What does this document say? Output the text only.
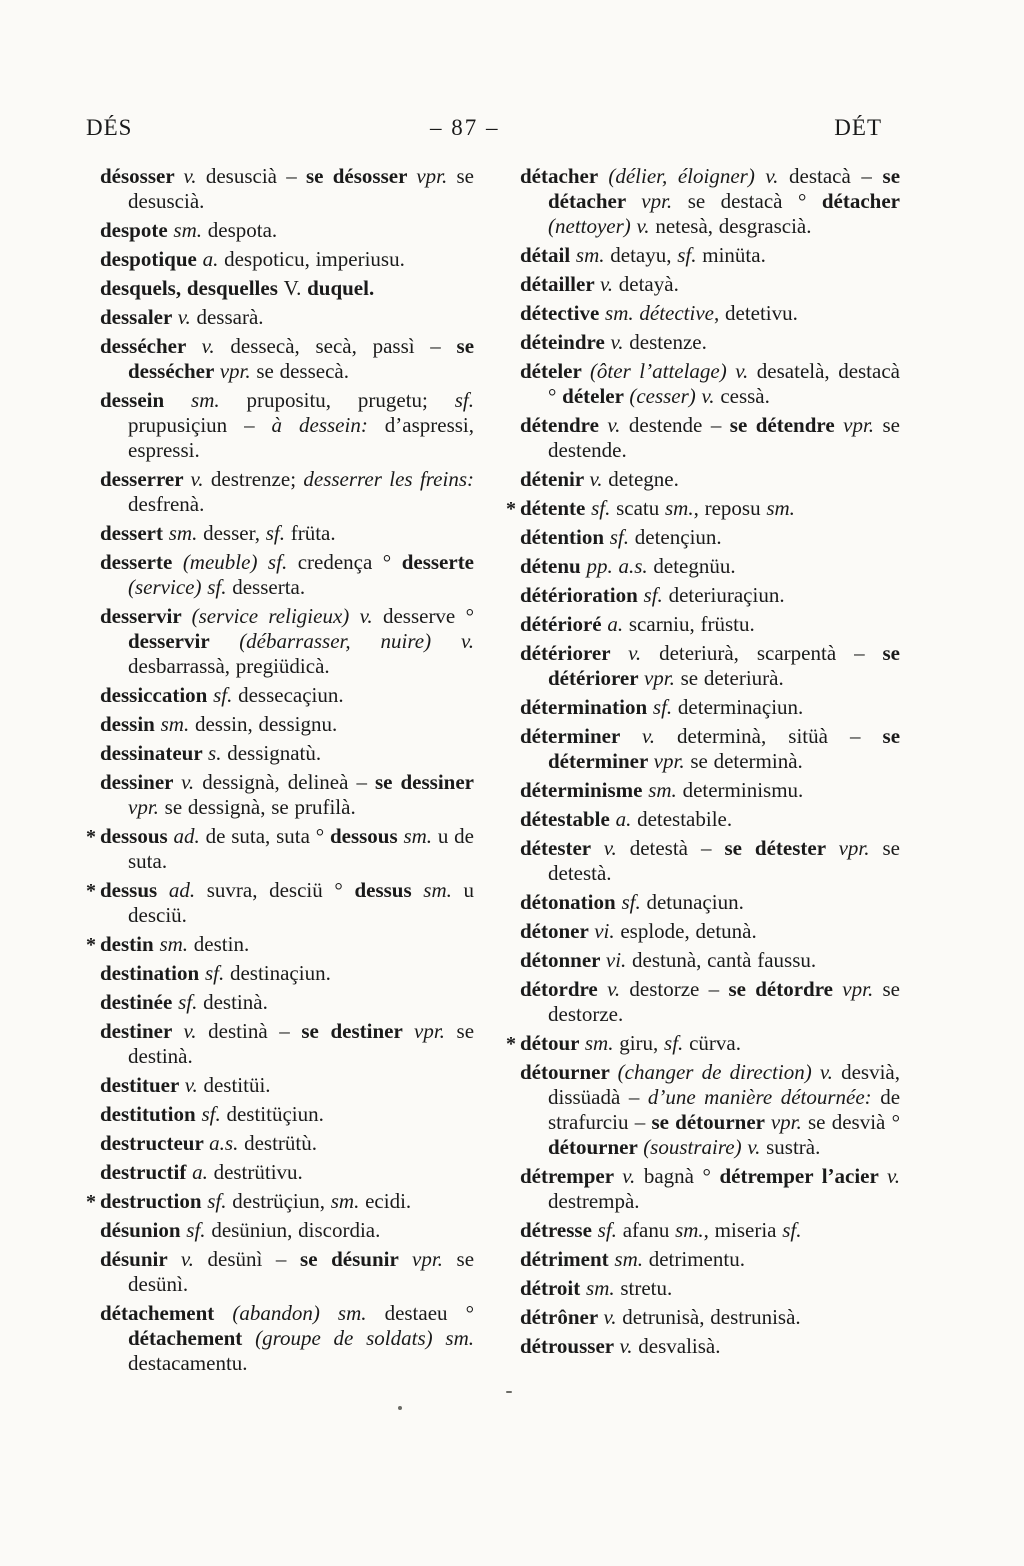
DÉS	– 87 –	DÉT

désosser v. desuscià – se désosser vpr. se desuscià.

despote sm. despota.

despotique a. despoticu, imperiusu.

desquels, desquelles V. duquel.

dessaler v. dessarà.

dessécher v. dessecà, secà, passì – se dessécher vpr. se dessecà.

dessein sm. prupositu, prugetu; sf. prupusiçiun – à dessein: d’aspressi, espressi.

desserrer v. destrenze; desserrer les freins: desfrenà.

dessert sm. desser, sf. früta.

desserte (meuble) sf. credença ° desserte (service) sf. desserta.

desservir (service religieux) v. desserve ° desservir (débarrasser, nuire) v. desbarrassà, pregiüdicà.

dessiccation sf. dessecaçiun.

dessin sm. dessin, dessignu.

dessinateur s. dessignatù.

dessiner v. dessignà, delineà – se dessiner vpr. se dessignà, se prufilà.

* dessous ad. de suta, suta ° dessous sm. u de suta.

* dessus ad. suvra, desciü ° dessus sm. u desciü.

* destin sm. destin.

destination sf. destinaçiun.

destinée sf. destinà.

destiner v. destinà – se destiner vpr. se destinà.

destituer v. destitüi.

destitution sf. destitüçiun.

destructeur a.s. destrütù.

destructif a. destrütivu.

* destruction sf. destrüçiun, sm. ecidi.

désunion sf. desüniun, discordia.

désunir v. desünì – se désunir vpr. se desünì.

détachement (abandon) sm. destaeu ° détachement (groupe de soldats) sm. destacamentu.

détacher (délier, éloigner) v. destacà – se détacher vpr. se destacà ° détacher (nettoyer) v. netesà, desgrascià.

détail sm. detayu, sf. minüta.

détailler v. detayà.

détective sm. détective, detetivu.

déteindre v. destenze.

dételer (ôter l’attelage) v. desatelà, destacà ° dételer (cesser) v. cessà.

détendre v. destende – se détendre vpr. se destende.

détenir v. detegne.

* détente sf. scatu sm., reposu sm.

détention sf. detençiun.

détenu pp. a.s. detegnüu.

détérioration sf. deteriuraçiun.

détérioré a. scarniu, früstu.

détériorer v. deteriurà, scarpentà – se détériorer vpr. se deteriurà.

détermination sf. determinaçiun.

déterminer v. determinà, sitüà – se déterminer vpr. se determinà.

déterminisme sm. determinismu.

détestable a. detestabile.

détester v. detestà – se détester vpr. se detestà.

détonation sf. detunaçiun.

détoner vi. esplode, detunà.

détonner vi. destunà, cantà faussu.

détordre v. destorze – se détordre vpr. se destorze.

* détour sm. giru, sf. cürva.

détourner (changer de direction) v. desvià, dissüadà – d’une manière détournée: de strafurciu – se détourner vpr. se desvià ° détourner (soustraire) v. sustrà.

détremper v. bagnà ° détremper l’acier v. destrempà.

détresse sf. afanu sm., miseria sf.

détriment sm. detrimentu.

détroit sm. stretu.

détrôner v. detrunisà, destrunisà.

détrousser v. desvalisà.
